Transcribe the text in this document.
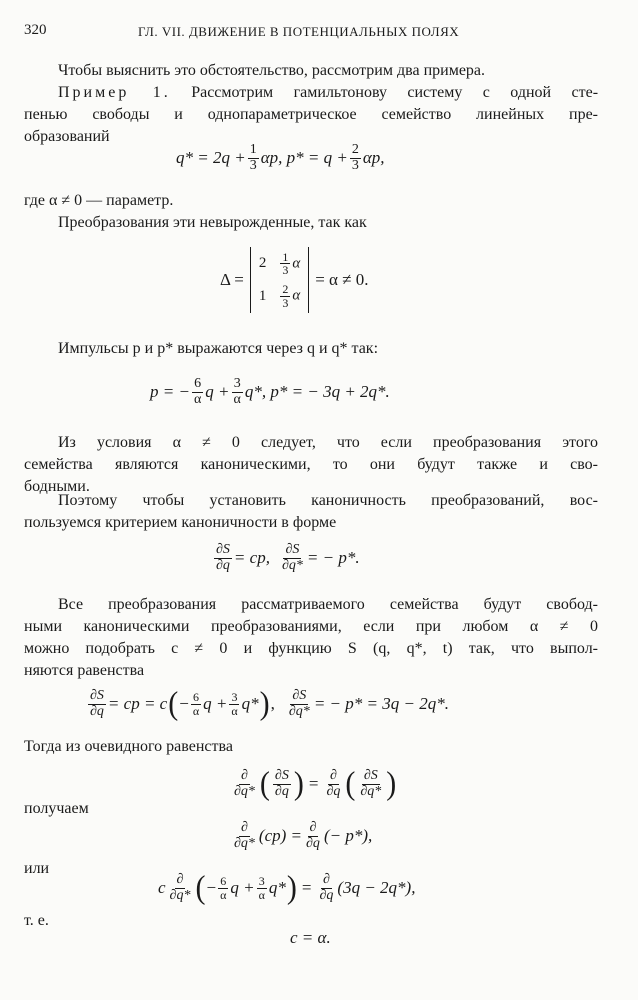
320	ГЛ. VII. ДВИЖЕНИЕ В ПОТЕНЦИАЛЬНЫХ ПОЛЯХ
Чтобы выяснить это обстоятельство, рассмотрим два примера.
Пример 1. Рассмотрим гамильтонову систему с одной сте-
пенью свободы и однопараметрическое семейство линейных пре-
образований
$q* = 2q + \frac{1}{3} \alpha p$, $p* = q + \frac{2}{3} \alpha p$,
где α ≠ 0 — параметр.
Преобразования эти невырожденные, так как
Δ =
$2 \frac{1}{3}$ α
$1 \frac{2}{3}$ α
= α ≠ 0.
Импульсы p и p* выражаются через q и q* так:
p = − $\frac{6}{\alpha}$ $q + \frac{3}{\alpha} q*$, p* = − 3q + 2q*.
Из условия α ≠ 0 следует, что если преобразования этого
семейства являются каноническими, то они будут также и сво-
бодными.
Поэтому чтобы установить каноничность преобразований, вос-
пользуемся критерием каноничности в форме
$\frac{\partial S}{\partial q}$ = cp, $\frac{\partial S}{\partial q*}$ = − p*.
Все преобразования рассматриваемого семейства будут свобод-
ными каноническими преобразованиями, если при любом α ≠ 0
можно подобрать c ≠ 0 и функцию S (q, q*, t) так, что выпол-
няются равенства
$\frac{\partial S}{\partial q}$ = cp = c ( − $\frac{6}{\alpha}$ $q + \frac{3}{\alpha} q*$ ) , $\frac{\partial S}{\partial q*}$ = − p* = 3q − 2q*.
Тогда из очевидного равенства
$\frac{\partial}{\partial q*}$ ( $\frac{\partial S}{\partial q}$ ) = $\frac{\partial}{\partial q}$ ( $\frac{\partial S}{\partial q*}$ )
получаем
$\frac{\partial}{\partial q*} (cp) = \frac{\partial}{\partial q}$ (− p*),
или
c $\frac{\partial}{\partial q*}$ ( − $\frac{6}{\alpha}$ $q + \frac{3}{\alpha} q*$ ) = $\frac{\partial}{\partial q} (3q - 2q*)$,
т. е.
c = α.
